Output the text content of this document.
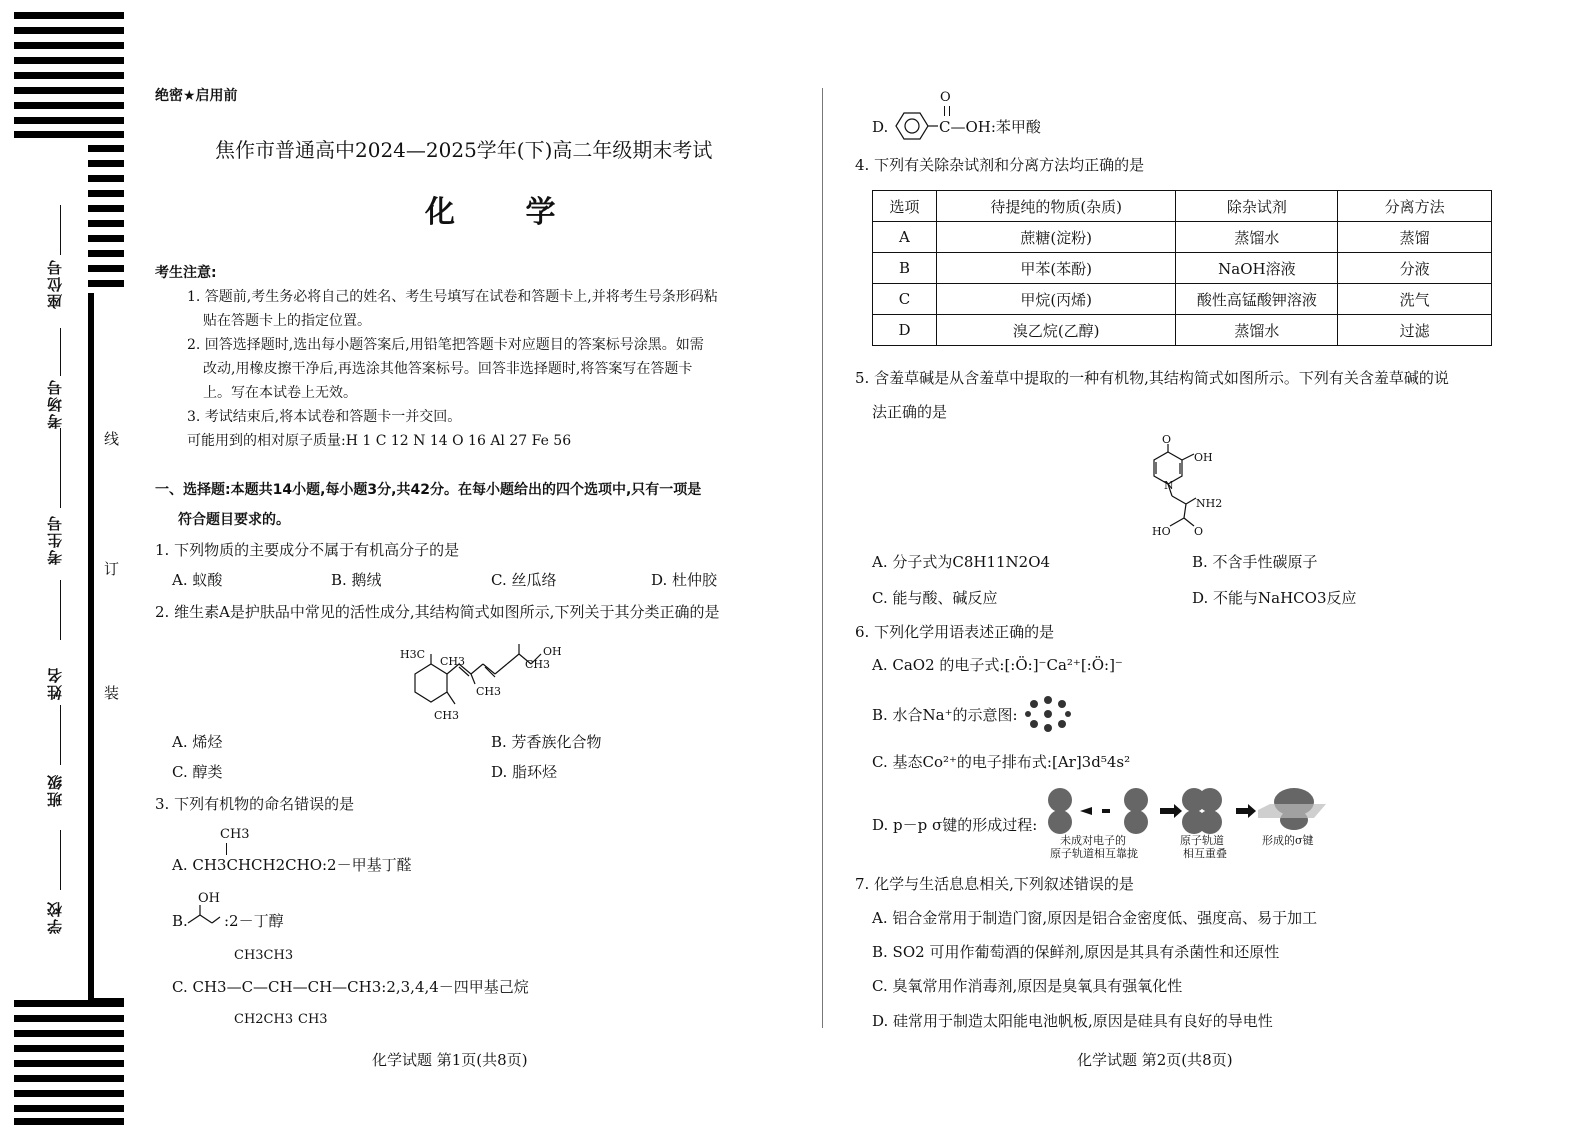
座位号
考场号
考生号
姓名
班级
学校
线
订
装
绝密★启用前
焦作市普通高中2024—2025学年(下)高二年级期末考试
化 学
考生注意:
1. 答题前,考生务必将自己的姓名、考生号填写在试卷和答题卡上,并将考生号条形码粘
贴在答题卡上的指定位置。
2. 回答选择题时,选出每小题答案后,用铅笔把答题卡对应题目的答案标号涂黑。如需
改动,用橡皮擦干净后,再选涂其他答案标号。回答非选择题时,将答案写在答题卡
上。写在本试卷上无效。
3. 考试结束后,将本试卷和答题卡一并交回。
可能用到的相对原子质量:H 1 C 12 N 14 O 16 Al 27 Fe 56
一、选择题:本题共14小题,每小题3分,共42分。在每小题给出的四个选项中,只有一项是
符合题目要求的。
1. 下列物质的主要成分不属于有机高分子的是
A. 蚁酸	B. 鹅绒	C. 丝瓜络	D. 杜仲胶
2. 维生素A是护肤品中常见的活性成分,其结构简式如图所示,下列关于其分类正确的是
H3C
CH3	CH3
OH
CH3
CH3
A. 烯烃	B. 芳香族化合物
C. 醇类	D. 脂环烃
3. 下列有机物的命名错误的是
CH3
A. CH3CHCH2CHO:2－甲基丁醛
OH
B. :2－丁醇
CH3CH3
C. CH3—C—CH—CH—CH3:2,3,4,4－四甲基己烷
CH2CH3 CH3
化学试题 第1页(共8页)
O
D.	C—OH:苯甲酸
4. 下列有关除杂试剂和分离方法均正确的是
选项	待提纯的物质(杂质)	除杂试剂	分离方法
A	蔗糖(淀粉)	蒸馏水	蒸馏
B	甲苯(苯酚)	NaOH溶液	分液
C	甲烷(丙烯)	酸性高锰酸钾溶液	洗气
D	溴乙烷(乙醇)	蒸馏水	过滤
5. 含羞草碱是从含羞草中提取的一种有机物,其结构简式如图所示。下列有关含羞草碱的说
法正确的是
O
OH
NH2
HO O
N
A. 分子式为C8H11N2O4	B. 不含手性碳原子
C. 能与酸、碱反应	D. 不能与NaHCO3反应
6. 下列化学用语表述正确的是
A. CaO2 的电子式:[:Ö:]⁻Ca²⁺[:Ö:]⁻
B. 水合Na⁺的示意图:
C. 基态Co²⁺的电子排布式:[Ar]3d⁵4s²
D. p－p σ键的形成过程:
未成对电子的
原子轨道相互靠拢
原子轨道
相互重叠
形成的σ键
7. 化学与生活息息相关,下列叙述错误的是
A. 铝合金常用于制造门窗,原因是铝合金密度低、强度高、易于加工
B. SO2 可用作葡萄酒的保鲜剂,原因是其具有杀菌性和还原性
C. 臭氧常用作消毒剂,原因是臭氧具有强氧化性
D. 硅常用于制造太阳能电池帆板,原因是硅具有良好的导电性
化学试题 第2页(共8页)
